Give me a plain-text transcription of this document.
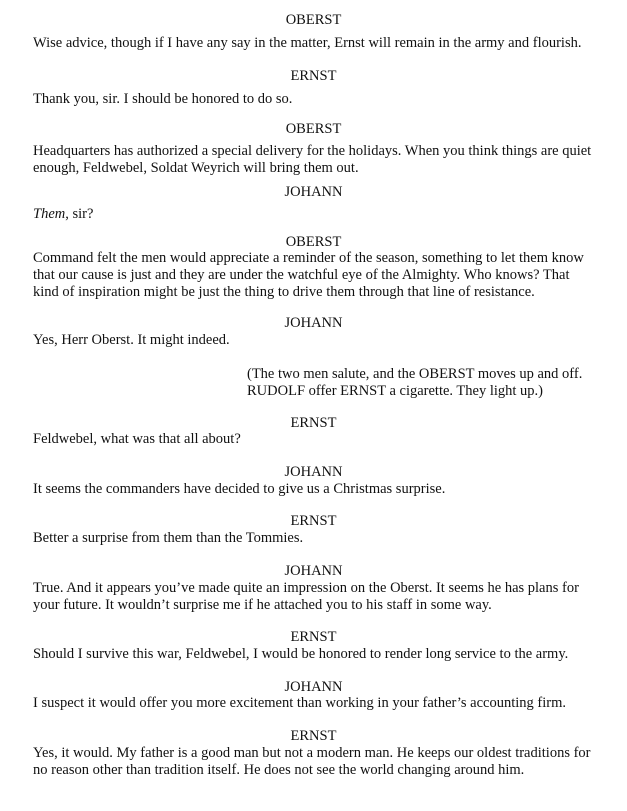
OBERST
Wise advice, though if I have any say in the matter, Ernst will remain in the army and flourish.
ERNST
Thank you, sir. I should be honored to do so.
OBERST
Headquarters has authorized a special delivery for the holidays. When you think things are quiet
enough, Feldwebel, Soldat Weyrich will bring them out.
JOHANN
Them, sir?
OBERST
Command felt the men would appreciate a reminder of the season, something to let them know
that our cause is just and they are under the watchful eye of the Almighty. Who knows? That
kind of inspiration might be just the thing to drive them through that line of resistance.
JOHANN
Yes, Herr Oberst. It might indeed.
(The two men salute, and the OBERST moves up and off.
RUDOLF offer ERNST a cigarette. They light up.)
ERNST
Feldwebel, what was that all about?
JOHANN
It seems the commanders have decided to give us a Christmas surprise.
ERNST
Better a surprise from them than the Tommies.
JOHANN
True. And it appears you’ve made quite an impression on the Oberst. It seems he has plans for
your future. It wouldn’t surprise me if he attached you to his staff in some way.
ERNST
Should I survive this war, Feldwebel, I would be honored to render long service to the army.
JOHANN
I suspect it would offer you more excitement than working in your father’s accounting firm.
ERNST
Yes, it would. My father is a good man but not a modern man. He keeps our oldest traditions for
no reason other than tradition itself. He does not see the world changing around him.
